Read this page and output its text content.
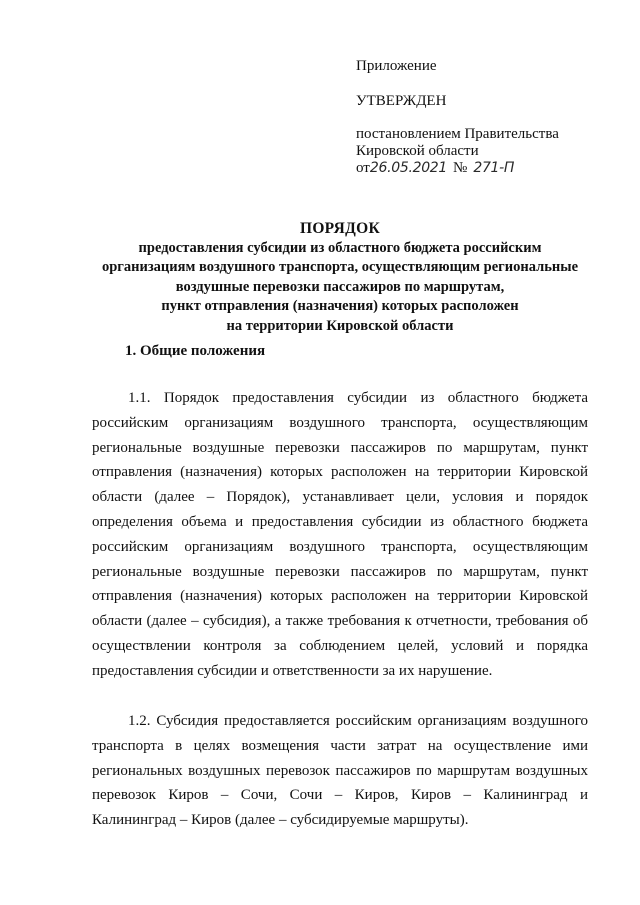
Приложение
УТВЕРЖДЕН
постановлением Правительства
Кировской области
от26.05.2021 № 271-П
ПОРЯДОК
предоставления субсидии из областного бюджета российским
организациям воздушного транспорта, осуществляющим региональные
воздушные перевозки пассажиров по маршрутам,
пункт отправления (назначения) которых расположен
на территории Кировской области
1. Общие положения
1.1. Порядок предоставления субсидии из областного бюджета российским организациям воздушного транспорта, осуществляющим региональные воздушные перевозки пассажиров по маршрутам, пункт отправления (назначения) которых расположен на территории Кировской области (далее – Порядок), устанавливает цели, условия и порядок определения объема и предоставления субсидии из областного бюджета российским организациям воздушного транспорта, осуществляющим региональные воздушные перевозки пассажиров по маршрутам, пункт отправления (назначения) которых расположен на территории Кировской области (далее – субсидия), а также требования к отчетности, требования об осуществлении контроля за соблюдением целей, условий и порядка предоставления субсидии и ответственности за их нарушение.
1.2. Субсидия предоставляется российским организациям воздушного транспорта в целях возмещения части затрат на осуществление ими региональных воздушных перевозок пассажиров по маршрутам воздушных перевозок Киров – Сочи, Сочи – Киров, Киров – Калининград и Калининград – Киров (далее – субсидируемые маршруты).
